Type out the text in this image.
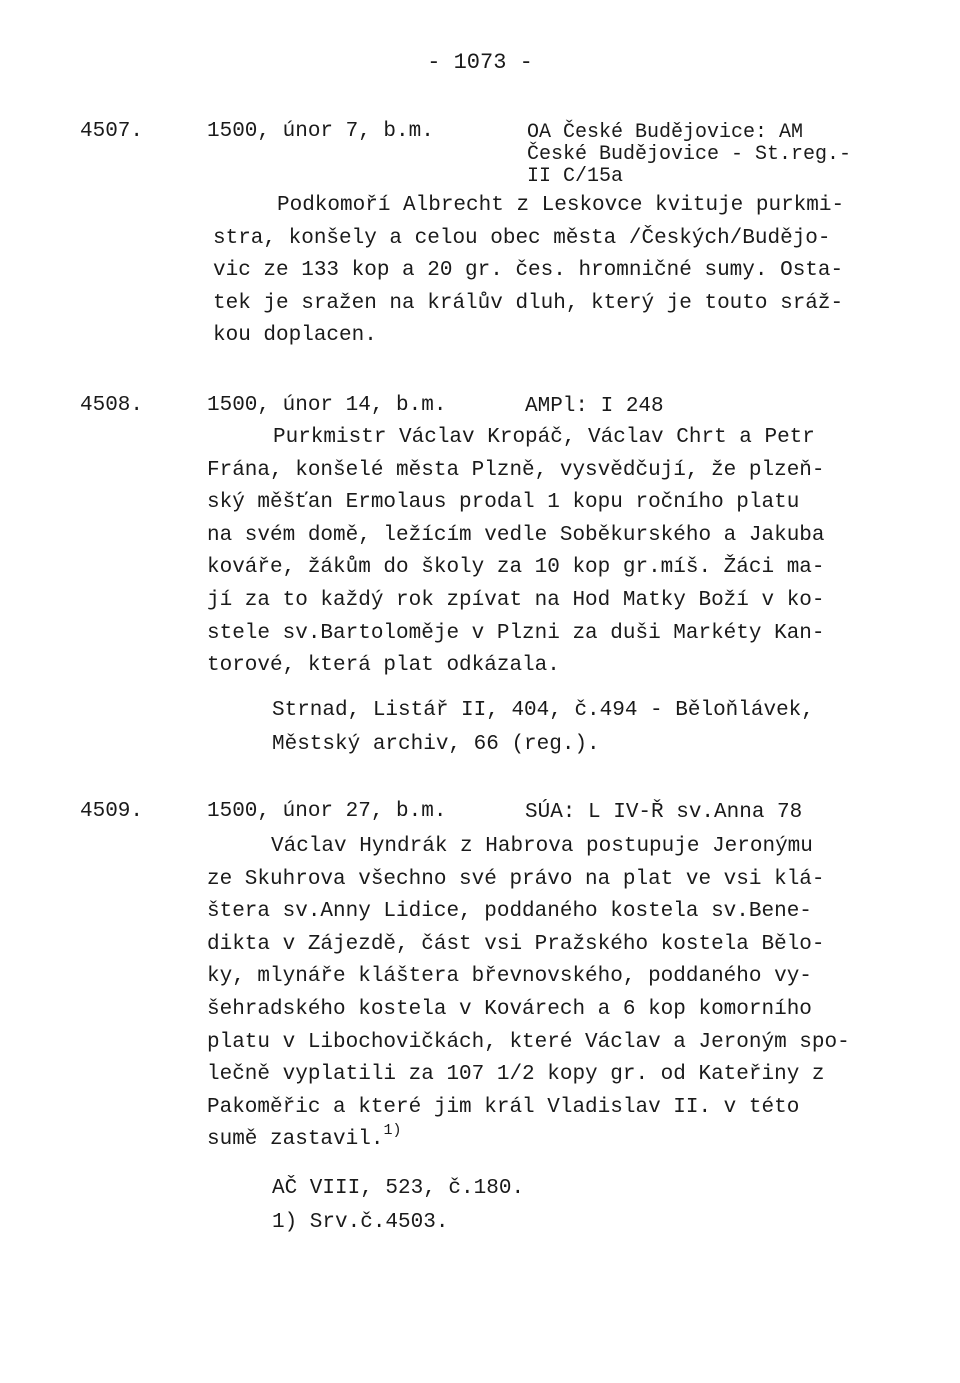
- 1073 -
4507.	1500, únor 7, b.m.	OA České Budějovice: AM
České Budějovice - St.reg.-
II C/15a
Podkomoří Albrecht z Leskovce kvituje purkmi-
stra, konšely a celou obec města /Českých/Budějo-
vic ze 133 kop a 20 gr. čes. hromničné sumy. Osta-
tek je sražen na králův dluh, který je touto sráž-
kou doplacen.
4508.	1500, únor 14, b.m.	AMPl: I 248
Purkmistr Václav Kropáč, Václav Chrt a Petr
Frána, konšelé města Plzně, vysvědčují, že plzeň-
ský měšťan Ermolaus prodal 1 kopu ročního platu
na svém domě, ležícím vedle Soběkurského a Jakuba
kováře, žákům do školy za 10 kop gr.míš. Žáci ma-
jí za to každý rok zpívat na Hod Matky Boží v ko-
stele sv.Bartoloměje v Plzni za duši Markéty Kan-
torové, která plat odkázala.
Strnad, Listář II, 404, č.494 - Běloňlávek,
Městský archiv, 66 (reg.).
4509.	1500, únor 27, b.m.	SÚA: L IV-Ř sv.Anna 78
Václav Hyndrák z Habrova postupuje Jeronýmu
ze Skuhrova všechno své právo na plat ve vsi klá-
štera sv.Anny Lidice, poddaného kostela sv.Bene-
dikta v Zájezdě, část vsi Pražského kostela Bělo-
ky, mlynáře kláštera břevnovského, poddaného vy-
šehradského kostela v Kovárech a 6 kop komorního
platu v Libochovičkách, které Václav a Jeroným spo-
lečně vyplatili za 107 1/2 kopy gr. od Kateřiny z
Pakoměřic a které jim král Vladislav II. v této
sumě zastavil.$^{1)}$
AČ VIII, 523, č.180.
1) Srv.č.4503.
